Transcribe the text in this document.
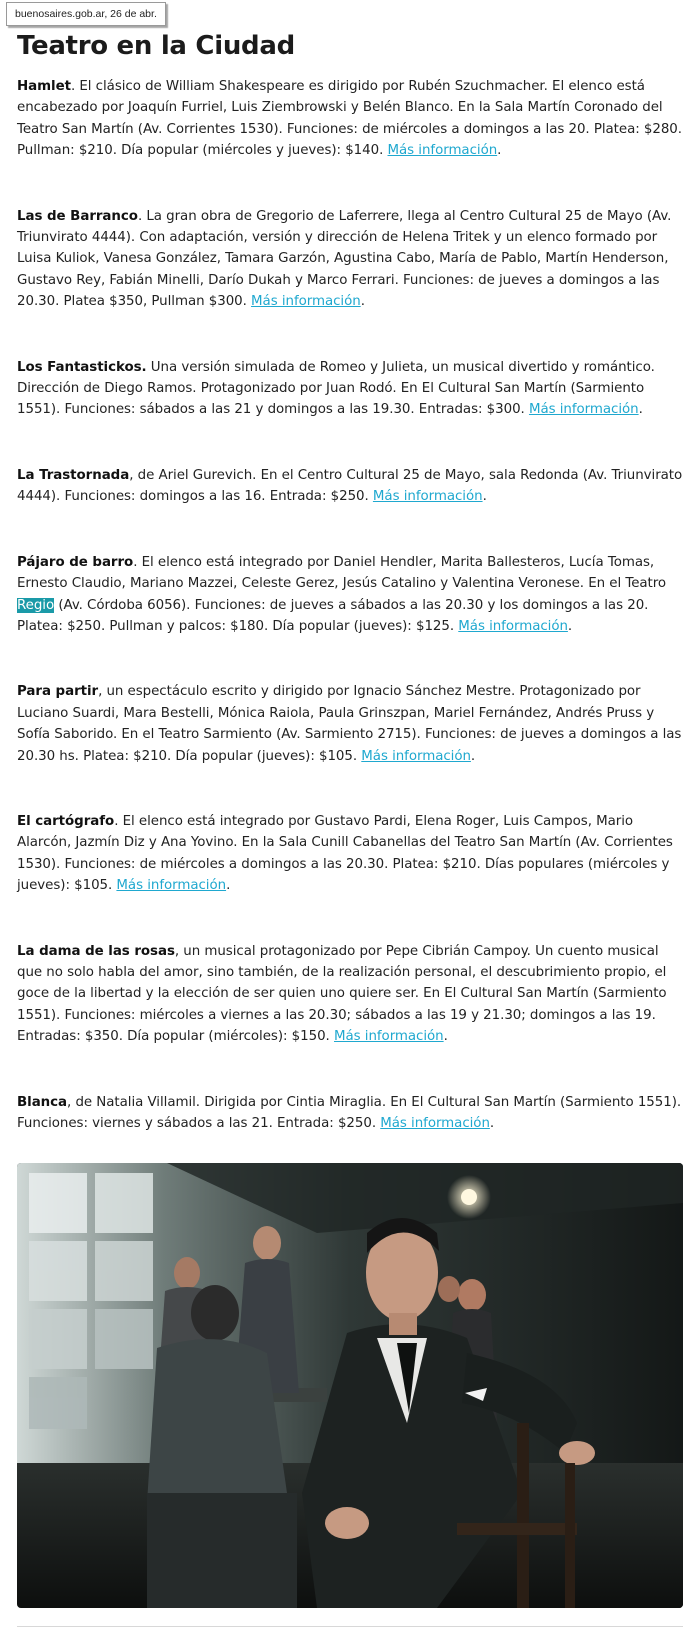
buenosaires.gob.ar, 26 de abr.
Teatro en la Ciudad

Hamlet. El clásico de William Shakespeare es dirigido por Rubén Szuchmacher. El elenco está encabezado por Joaquín Furriel, Luis Ziembrowski y Belén Blanco. En la Sala Martín Coronado del Teatro San Martín (Av. Corrientes 1530). Funciones: de miércoles a domingos a las 20. Platea: $280. Pullman: $210. Día popular (miércoles y jueves): $140. Más información.

Las de Barranco. La gran obra de Gregorio de Laferrere, llega al Centro Cultural 25 de Mayo (Av. Triunvirato 4444). Con adaptación, versión y dirección de Helena Tritek y un elenco formado por Luisa Kuliok, Vanesa González, Tamara Garzón, Agustina Cabo, María de Pablo, Martín Henderson, Gustavo Rey, Fabián Minelli, Darío Dukah y Marco Ferrari. Funciones: de jueves a domingos a las 20.30. Platea $350, Pullman $300. Más información.

Los Fantastickos. Una versión simulada de Romeo y Julieta, un musical divertido y romántico. Dirección de Diego Ramos. Protagonizado por Juan Rodó. En El Cultural San Martín (Sarmiento 1551). Funciones: sábados a las 21 y domingos a las 19.30. Entradas: $300. Más información.

La Trastornada, de Ariel Gurevich. En el Centro Cultural 25 de Mayo, sala Redonda (Av. Triunvirato 4444). Funciones: domingos a las 16. Entrada: $250. Más información.

Pájaro de barro. El elenco está integrado por Daniel Hendler, Marita Ballesteros, Lucía Tomas, Ernesto Claudio, Mariano Mazzei, Celeste Gerez, Jesús Catalino y Valentina Veronese. En el Teatro Regio (Av. Córdoba 6056). Funciones: de jueves a sábados a las 20.30 y los domingos a las 20. Platea: $250. Pullman y palcos: $180. Día popular (jueves): $125. Más información.

Para partir, un espectáculo escrito y dirigido por Ignacio Sánchez Mestre. Protagonizado por Luciano Suardi, Mara Bestelli, Mónica Raiola, Paula Grinszpan, Mariel Fernández, Andrés Pruss y Sofía Saborido. En el Teatro Sarmiento (Av. Sarmiento 2715). Funciones: de jueves a domingos a las 20.30 hs. Platea: $210. Día popular (jueves): $105. Más información.

El cartógrafo. El elenco está integrado por Gustavo Pardi, Elena Roger, Luis Campos, Mario Alarcón, Jazmín Diz y Ana Yovino. En la Sala Cunill Cabanellas del Teatro San Martín (Av. Corrientes 1530). Funciones: de miércoles a domingos a las 20.30. Platea: $210. Días populares (miércoles y jueves): $105. Más información.

La dama de las rosas, un musical protagonizado por Pepe Cibrián Campoy. Un cuento musical que no solo habla del amor, sino también, de la realización personal, el descubrimiento propio, el goce de la libertad y la elección de ser quien uno quiere ser. En El Cultural San Martín (Sarmiento 1551). Funciones: miércoles a viernes a las 20.30; sábados a las 19 y 21.30; domingos a las 19. Entradas: $350. Día popular (miércoles): $150. Más información.

Blanca, de Natalia Villamil. Dirigida por Cintia Miraglia. En El Cultural San Martín (Sarmiento 1551). Funciones: viernes y sábados a las 21. Entrada: $250. Más información.
